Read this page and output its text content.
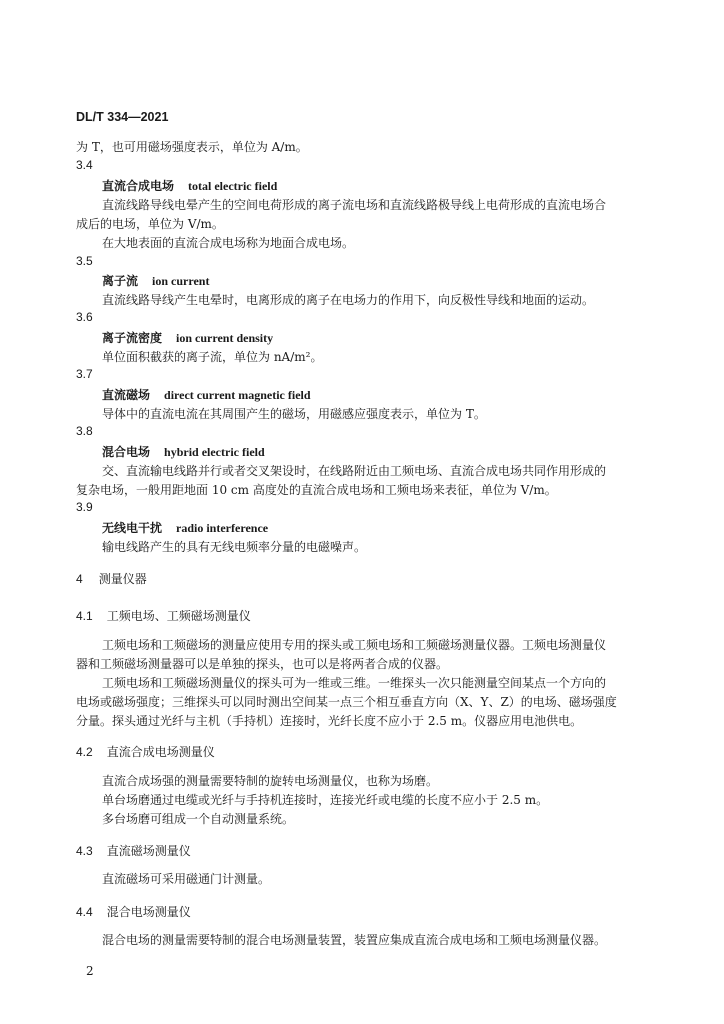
DL/T 334—2021
为 T，也可用磁场强度表示，单位为 A/m。
3.4
直流合成电场 total electric field
直流线路导线电晕产生的空间电荷形成的离子流电场和直流线路极导线上电荷形成的直流电场合
成后的电场，单位为 V/m。
在大地表面的直流合成电场称为地面合成电场。
3.5
离子流 ion current
直流线路导线产生电晕时，电离形成的离子在电场力的作用下，向反极性导线和地面的运动。
3.6
离子流密度 ion current density
单位面积截获的离子流，单位为 nA/m²。
3.7
直流磁场 direct current magnetic field
导体中的直流电流在其周围产生的磁场，用磁感应强度表示，单位为 T。
3.8
混合电场 hybrid electric field
交、直流输电线路并行或者交叉架设时，在线路附近由工频电场、直流合成电场共同作用形成的
复杂电场，一般用距地面 10 cm 高度处的直流合成电场和工频电场来表征，单位为 V/m。
3.9
无线电干扰 radio interference
输电线路产生的具有无线电频率分量的电磁噪声。
4 测量仪器
4.1 工频电场、工频磁场测量仪
工频电场和工频磁场的测量应使用专用的探头或工频电场和工频磁场测量仪器。工频电场测量仪
器和工频磁场测量器可以是单独的探头，也可以是将两者合成的仪器。
工频电场和工频磁场测量仪的探头可为一维或三维。一维探头一次只能测量空间某点一个方向的
电场或磁场强度；三维探头可以同时测出空间某一点三个相互垂直方向（X、Y、Z）的电场、磁场强度
分量。探头通过光纤与主机（手持机）连接时，光纤长度不应小于 2.5 m。仪器应用电池供电。
4.2 直流合成电场测量仪
直流合成场强的测量需要特制的旋转电场测量仪，也称为场磨。
单台场磨通过电缆或光纤与手持机连接时，连接光纤或电缆的长度不应小于 2.5 m。
多台场磨可组成一个自动测量系统。
4.3 直流磁场测量仪
直流磁场可采用磁通门计测量。
4.4 混合电场测量仪
混合电场的测量需要特制的混合电场测量装置，装置应集成直流合成电场和工频电场测量仪器。
2
